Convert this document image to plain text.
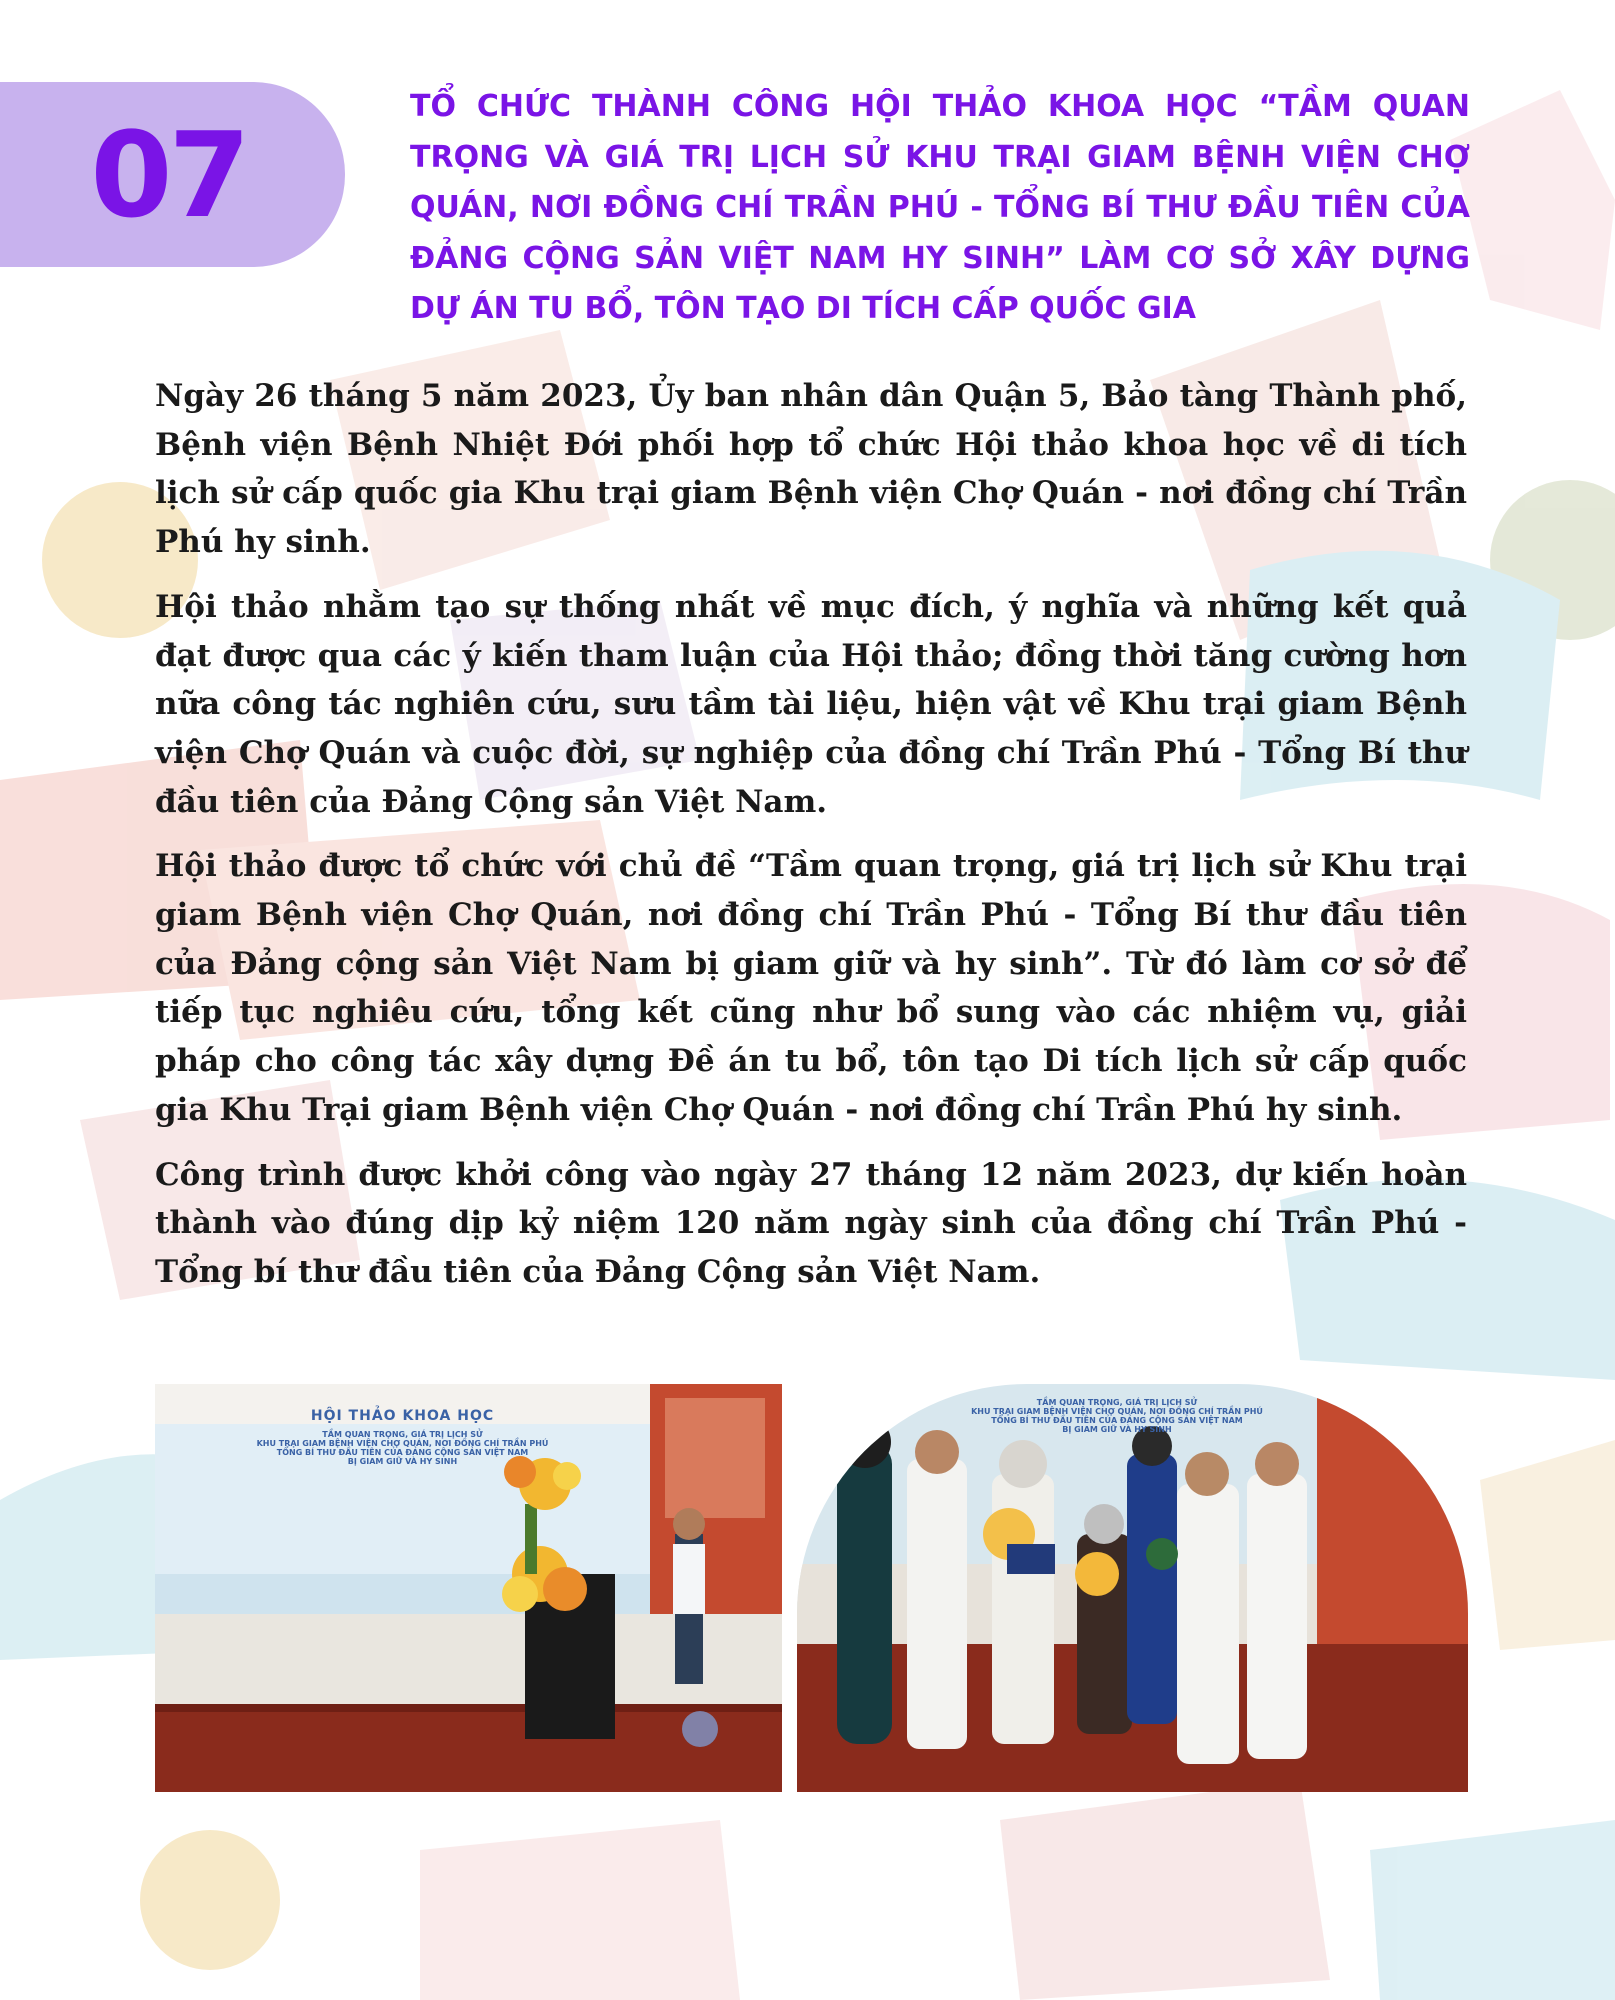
07	TỔ CHỨC THÀNH CÔNG HỘI THẢO KHOA HỌC “TẦM QUAN TRỌNG VÀ GIÁ TRỊ LỊCH SỬ KHU TRẠI GIAM BỆNH VIỆN CHỢ QUÁN, NƠI ĐỒNG CHÍ TRẦN PHÚ - TỔNG BÍ THƯ ĐẦU TIÊN CỦA ĐẢNG CỘNG SẢN VIỆT NAM HY SINH” LÀM CƠ SỞ XÂY DỰNG DỰ ÁN TU BỔ, TÔN TẠO DI TÍCH CẤP QUỐC GIA

Ngày 26 tháng 5 năm 2023, Ủy ban nhân dân Quận 5, Bảo tàng Thành phố, Bệnh viện Bệnh Nhiệt Đới phối hợp tổ chức Hội thảo khoa học về di tích lịch sử cấp quốc gia Khu trại giam Bệnh viện Chợ Quán - nơi đồng chí Trần Phú hy sinh.

Hội thảo nhằm tạo sự thống nhất về mục đích, ý nghĩa và những kết quả đạt được qua các ý kiến tham luận của Hội thảo; đồng thời tăng cường hơn nữa công tác nghiên cứu, sưu tầm tài liệu, hiện vật về Khu trại giam Bệnh viện Chợ Quán và cuộc đời, sự nghiệp của đồng chí Trần Phú - Tổng Bí thư đầu tiên của Đảng Cộng sản Việt Nam.

Hội thảo được tổ chức với chủ đề “Tầm quan trọng, giá trị lịch sử Khu trại giam Bệnh viện Chợ Quán, nơi đồng chí Trần Phú - Tổng Bí thư đầu tiên của Đảng cộng sản Việt Nam bị giam giữ và hy sinh”. Từ đó làm cơ sở để tiếp tục nghiêu cứu, tổng kết cũng như bổ sung vào các nhiệm vụ, giải pháp cho công tác xây dựng Đề án tu bổ, tôn tạo Di tích lịch sử cấp quốc gia Khu Trại giam Bệnh viện Chợ Quán - nơi đồng chí Trần Phú hy sinh.

Công trình được khởi công vào ngày 27 tháng 12 năm 2023, dự kiến hoàn thành vào đúng dịp kỷ niệm 120 năm ngày sinh của đồng chí Trần Phú - Tổng bí thư đầu tiên của Đảng Cộng sản Việt Nam.

HỘI THẢO KHOA HỌC
TẦM QUAN TRỌNG, GIÁ TRỊ LỊCH SỬ
KHU TRẠI GIAM BỆNH VIỆN CHỢ QUÁN, NƠI ĐỒNG CHÍ TRẦN PHÚ
TỔNG BÍ THƯ ĐẦU TIÊN CỦA ĐẢNG CỘNG SẢN VIỆT NAM
BỊ GIAM GIỮ VÀ HY SINH
TẦM QUAN TRỌNG, GIÁ TRỊ LỊCH SỬ
KHU TRẠI GIAM BỆNH VIỆN CHỢ QUÁN, NƠI ĐỒNG CHÍ TRẦN PHÚ
TỔNG BÍ THƯ ĐẦU TIÊN CỦA ĐẢNG CỘNG SẢN VIỆT NAM
BỊ GIAM GIỮ VÀ HY SINH
